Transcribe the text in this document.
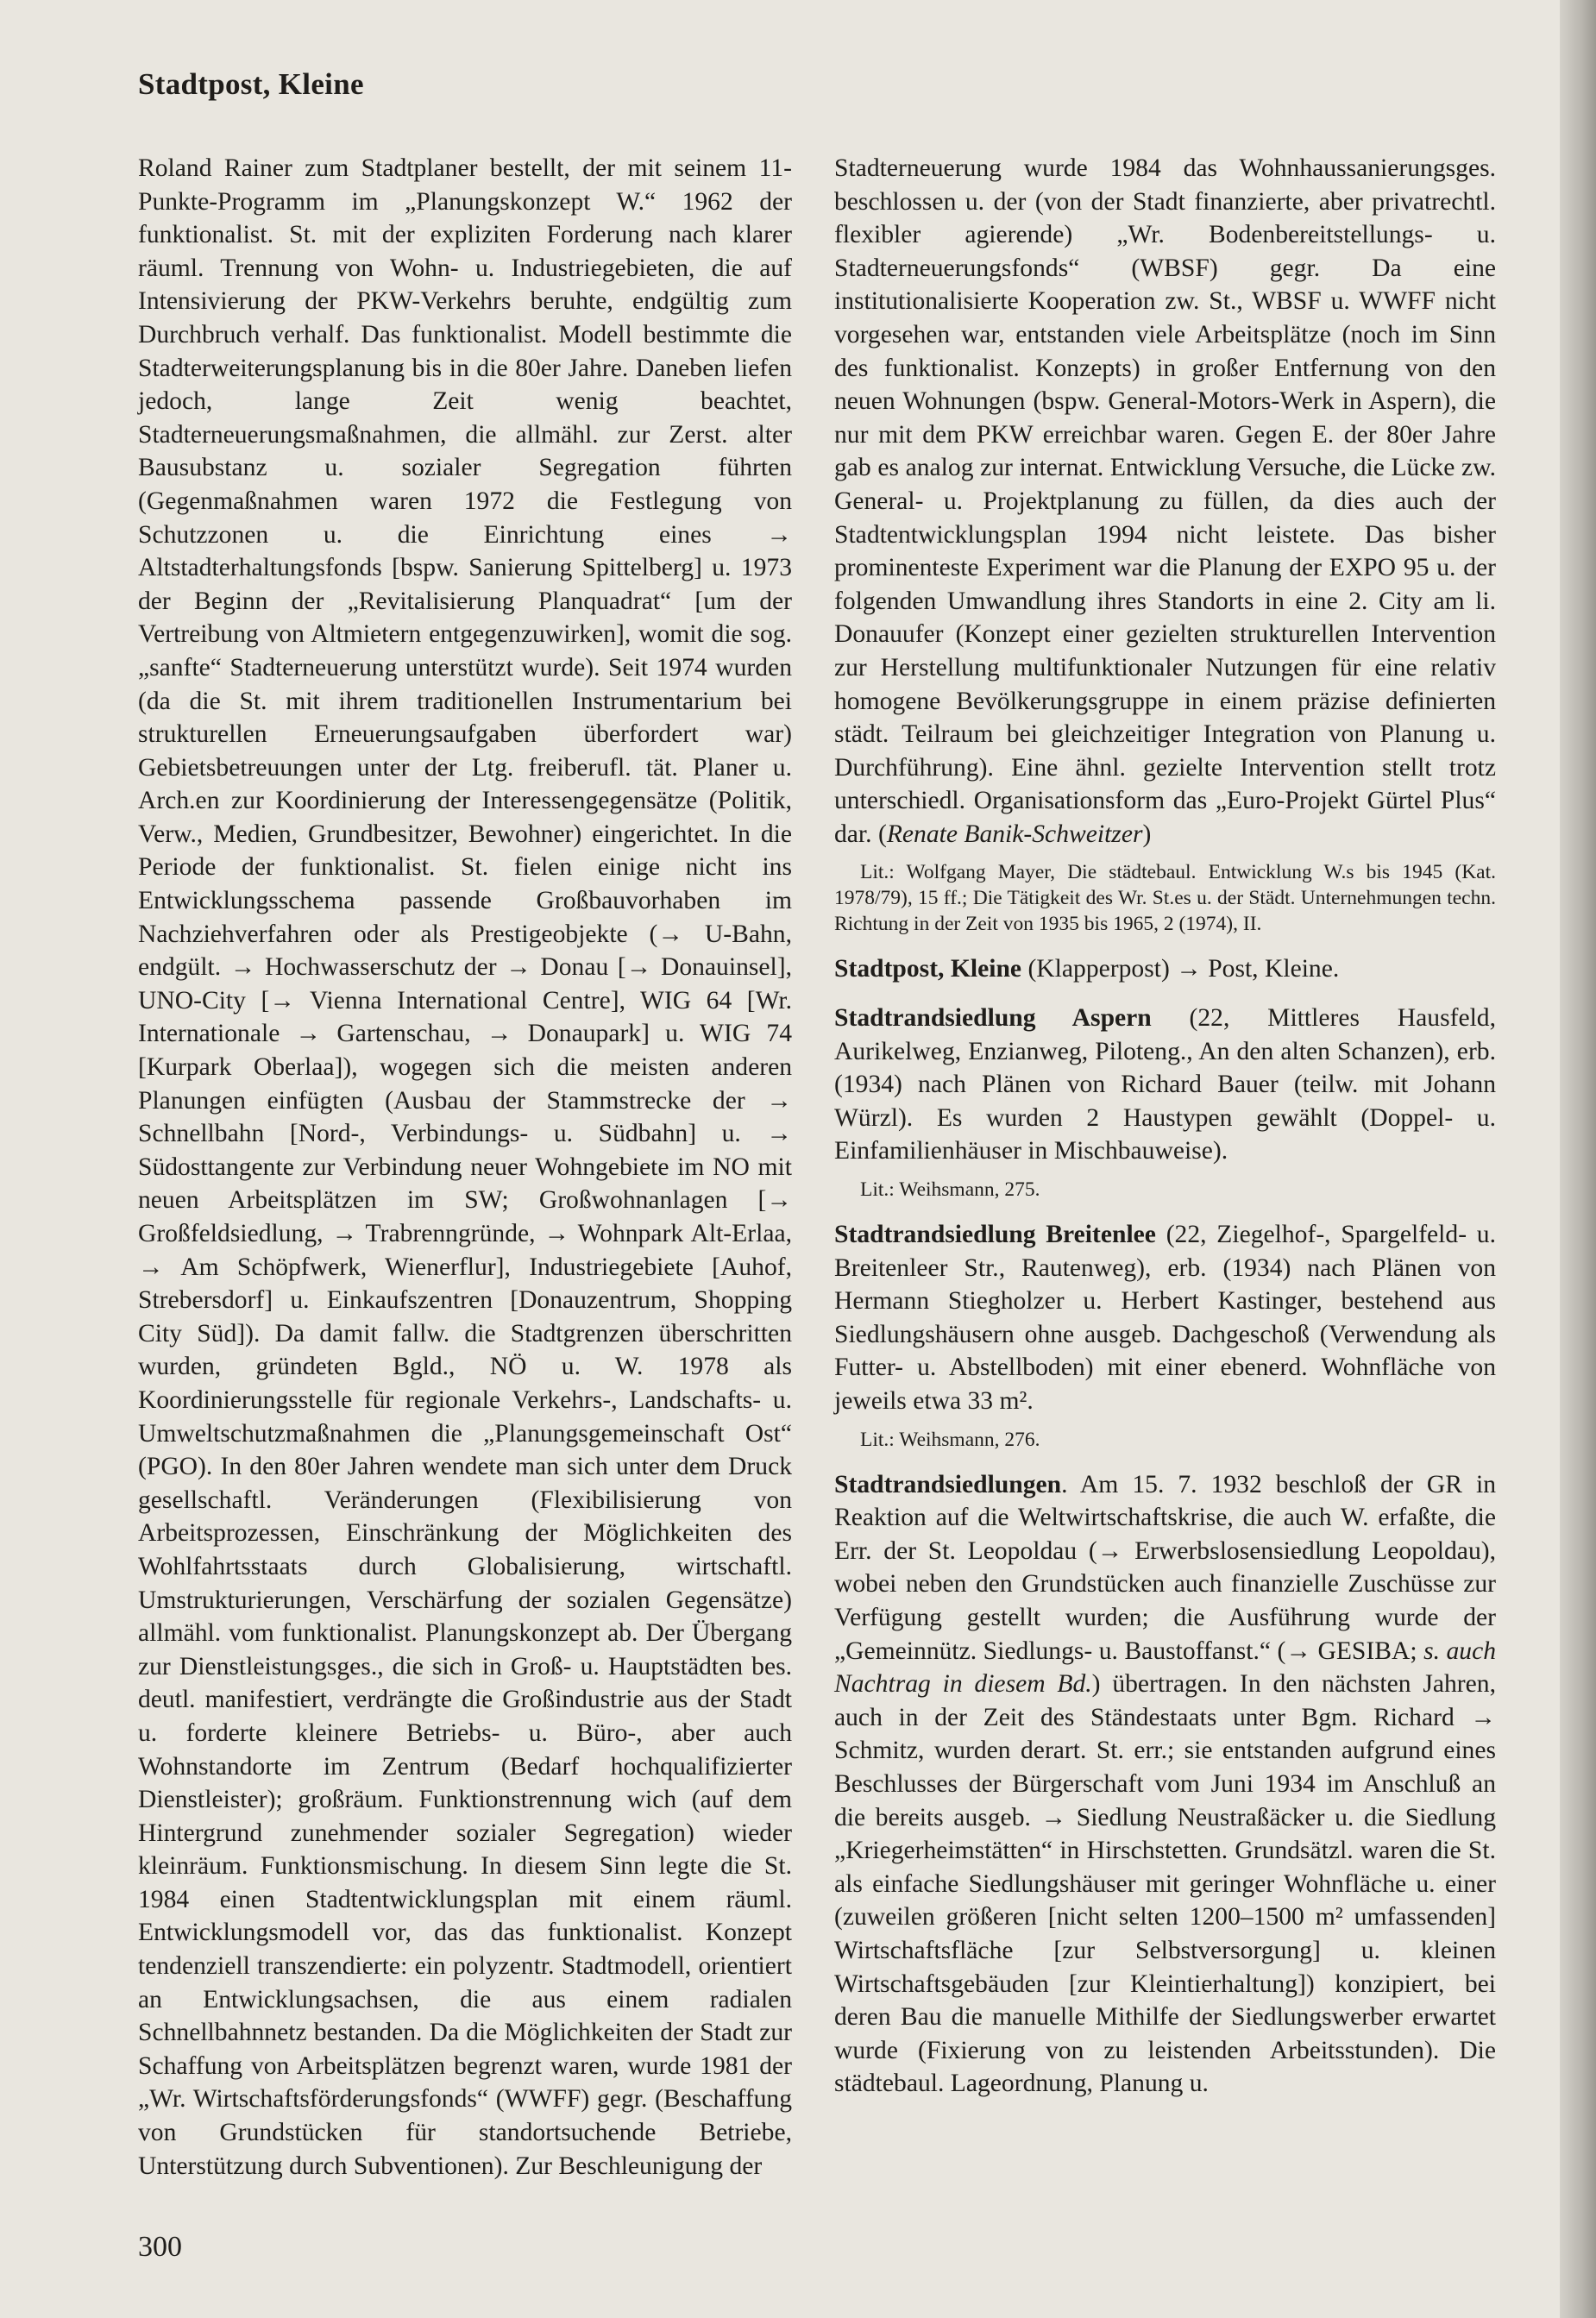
Stadtpost, Kleine

Roland Rainer zum Stadtplaner bestellt, der mit seinem 11-Punkte-Programm im „Planungskonzept W.“ 1962 der funktionalist. St. mit der expliziten Forderung nach klarer räuml. Trennung von Wohn- u. Industriegebieten, die auf Intensivierung der PKW-Verkehrs beruhte, endgültig zum Durchbruch verhalf. Das funktionalist. Modell bestimmte die Stadterweiterungsplanung bis in die 80er Jahre. Daneben liefen jedoch, lange Zeit wenig beachtet, Stadterneuerungsmaßnahmen, die allmähl. zur Zerst. alter Bausubstanz u. sozialer Segregation führten (Gegenmaßnahmen waren 1972 die Festlegung von Schutzzonen u. die Einrichtung eines → Altstadterhaltungsfonds [bspw. Sanierung Spittelberg] u. 1973 der Beginn der „Revitalisierung Planquadrat“ [um der Vertreibung von Altmietern entgegenzuwirken], womit die sog. „sanfte“ Stadterneuerung unterstützt wurde). Seit 1974 wurden (da die St. mit ihrem traditionellen Instrumentarium bei strukturellen Erneuerungsaufgaben überfordert war) Gebietsbetreuungen unter der Ltg. freiberufl. tät. Planer u. Arch.en zur Koordinierung der Interessengegensätze (Politik, Verw., Medien, Grundbesitzer, Bewohner) eingerichtet. In die Periode der funktionalist. St. fielen einige nicht ins Entwicklungsschema passende Großbauvorhaben im Nachziehverfahren oder als Prestigeobjekte (→ U-Bahn, endgült. → Hochwasserschutz der → Donau [→ Donauinsel], UNO-City [→ Vienna International Centre], WIG 64 [Wr. Internationale → Gartenschau, → Donaupark] u. WIG 74 [Kurpark Oberlaa]), wogegen sich die meisten anderen Planungen einfügten (Ausbau der Stammstrecke der → Schnellbahn [Nord-, Verbindungs- u. Südbahn] u. → Südosttangente zur Verbindung neuer Wohngebiete im NO mit neuen Arbeitsplätzen im SW; Großwohnanlagen [→ Großfeldsiedlung, → Trabrenngründe, → Wohnpark Alt-Erlaa, → Am Schöpfwerk, Wienerflur], Industriegebiete [Auhof, Strebersdorf] u. Einkaufszentren [Donauzentrum, Shopping City Süd]). Da damit fallw. die Stadtgrenzen überschritten wurden, gründeten Bgld., NÖ u. W. 1978 als Koordinierungsstelle für regionale Verkehrs-, Landschafts- u. Umweltschutzmaßnahmen die „Planungsgemeinschaft Ost“ (PGO). In den 80er Jahren wendete man sich unter dem Druck gesellschaftl. Veränderungen (Flexibilisierung von Arbeitsprozessen, Einschränkung der Möglichkeiten des Wohlfahrtsstaats durch Globalisierung, wirtschaftl. Umstrukturierungen, Verschärfung der sozialen Gegensätze) allmähl. vom funktionalist. Planungskonzept ab. Der Übergang zur Dienstleistungsges., die sich in Groß- u. Hauptstädten bes. deutl. manifestiert, verdrängte die Großindustrie aus der Stadt u. forderte kleinere Betriebs- u. Büro-, aber auch Wohnstandorte im Zentrum (Bedarf hochqualifizierter Dienstleister); großräum. Funktionstrennung wich (auf dem Hintergrund zunehmender sozialer Segregation) wieder kleinräum. Funktionsmischung. In diesem Sinn legte die St. 1984 einen Stadtentwicklungsplan mit einem räuml. Entwicklungsmodell vor, das das funktionalist. Konzept tendenziell transzendierte: ein polyzentr. Stadtmodell, orientiert an Entwicklungsachsen, die aus einem radialen Schnellbahnnetz bestanden. Da die Möglichkeiten der Stadt zur Schaffung von Arbeitsplätzen begrenzt waren, wurde 1981 der „Wr. Wirtschaftsförderungsfonds“ (WWFF) gegr. (Beschaffung von Grundstücken für standortsuchende Betriebe, Unterstützung durch Subventionen). Zur Beschleunigung der

Stadterneuerung wurde 1984 das Wohnhaussanierungsges. beschlossen u. der (von der Stadt finanzierte, aber privatrechtl. flexibler agierende) „Wr. Bodenbereitstellungs- u. Stadterneuerungsfonds“ (WBSF) gegr. Da eine institutionalisierte Kooperation zw. St., WBSF u. WWFF nicht vorgesehen war, entstanden viele Arbeitsplätze (noch im Sinn des funktionalist. Konzepts) in großer Entfernung von den neuen Wohnungen (bspw. General-Motors-Werk in Aspern), die nur mit dem PKW erreichbar waren. Gegen E. der 80er Jahre gab es analog zur internat. Entwicklung Versuche, die Lücke zw. General- u. Projektplanung zu füllen, da dies auch der Stadtentwicklungsplan 1994 nicht leistete. Das bisher prominenteste Experiment war die Planung der EXPO 95 u. der folgenden Umwandlung ihres Standorts in eine 2. City am li. Donauufer (Konzept einer gezielten strukturellen Intervention zur Herstellung multifunktionaler Nutzungen für eine relativ homogene Bevölkerungsgruppe in einem präzise definierten städt. Teilraum bei gleichzeitiger Integration von Planung u. Durchführung). Eine ähnl. gezielte Intervention stellt trotz unterschiedl. Organisationsform das „Euro-Projekt Gürtel Plus“ dar. (Renate Banik-Schweitzer)

Lit.: Wolfgang Mayer, Die städtebaul. Entwicklung W.s bis 1945 (Kat. 1978/79), 15 ff.; Die Tätigkeit des Wr. St.es u. der Städt. Unternehmungen techn. Richtung in der Zeit von 1935 bis 1965, 2 (1974), II.

Stadtpost, Kleine (Klapperpost) → Post, Kleine.

Stadtrandsiedlung Aspern (22, Mittleres Hausfeld, Aurikelweg, Enzianweg, Piloteng., An den alten Schanzen), erb. (1934) nach Plänen von Richard Bauer (teilw. mit Johann Würzl). Es wurden 2 Haustypen gewählt (Doppel- u. Einfamilienhäuser in Mischbauweise).

Lit.: Weihsmann, 275.

Stadtrandsiedlung Breitenlee (22, Ziegelhof-, Spargelfeld- u. Breitenleer Str., Rautenweg), erb. (1934) nach Plänen von Hermann Stiegholzer u. Herbert Kastinger, bestehend aus Siedlungshäusern ohne ausgeb. Dachgeschoß (Verwendung als Futter- u. Abstellboden) mit einer ebenerd. Wohnfläche von jeweils etwa 33 m².

Lit.: Weihsmann, 276.

Stadtrandsiedlungen. Am 15. 7. 1932 beschloß der GR in Reaktion auf die Weltwirtschaftskrise, die auch W. erfaßte, die Err. der St. Leopoldau (→ Erwerbslosensiedlung Leopoldau), wobei neben den Grundstücken auch finanzielle Zuschüsse zur Verfügung gestellt wurden; die Ausführung wurde der „Gemeinnütz. Siedlungs- u. Baustoffanst.“ (→ GESIBA; s. auch Nachtrag in diesem Bd.) übertragen. In den nächsten Jahren, auch in der Zeit des Ständestaats unter Bgm. Richard → Schmitz, wurden derart. St. err.; sie entstanden aufgrund eines Beschlusses der Bürgerschaft vom Juni 1934 im Anschluß an die bereits ausgeb. → Siedlung Neustraßäcker u. die Siedlung „Kriegerheimstätten“ in Hirschstetten. Grundsätzl. waren die St. als einfache Siedlungshäuser mit geringer Wohnfläche u. einer (zuweilen größeren [nicht selten 1200–1500 m² umfassenden] Wirtschaftsfläche [zur Selbstversorgung] u. kleinen Wirtschaftsgebäuden [zur Kleintierhaltung]) konzipiert, bei deren Bau die manuelle Mithilfe der Siedlungswerber erwartet wurde (Fixierung von zu leistenden Arbeitsstunden). Die städtebaul. Lageordnung, Planung u.

300
